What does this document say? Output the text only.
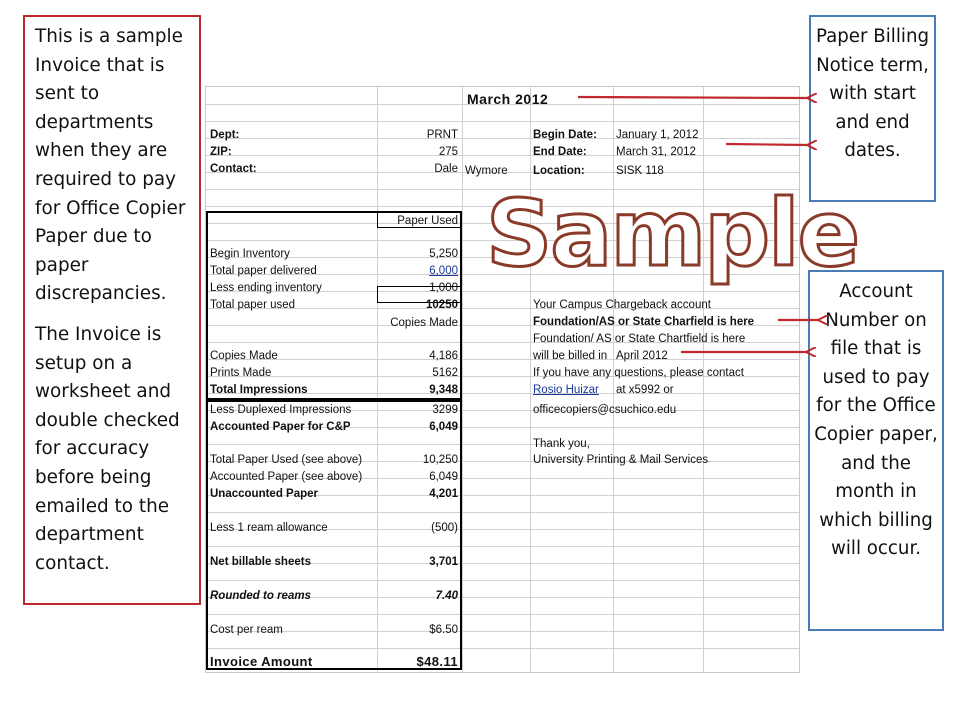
This is a sample Invoice that is sent to departments when they are required to pay for Office Copier Paper due to paper discrepancies.

The Invoice is setup on a worksheet and double checked for accuracy before being emailed to the department contact.

Paper Billing Notice term, with start and end dates.
Account Number on file that is used to pay for the Office Copier paper, and the month in which billing will occur.
March 2012
Dept:	PRNT
ZIP:	275
Contact:	Dale Wymore
Begin Date: January 1, 2012
End Date:	March 31, 2012
Location:	SISK 118
Paper Used
Begin Inventory	5,250
Total paper delivered	6,000
Less ending inventory	1,000
Total paper used	10250
Copies Made
Copies Made	4,186
Prints Made	5162
Total Impressions	9,348
Less Duplexed Impressions	3299
Accounted Paper for C&P	6,049
Total Paper Used (see above)	10,250
Accounted Paper (see above)	6,049
Unaccounted Paper	4,201
Less 1 ream allowance	(500)
Net billable sheets	3,701
Rounded to reams	7.40
Cost per ream	$6.50
Invoice Amount	$48.11
Your Campus Chargeback account
Foundation/AS or State Charfield is here
Foundation/ AS or State Chartfield is here
will be billed in April 2012
If you have any questions, please contact
Rosio Huizar at x5992 or
officecopiers@csuchico.edu
Thank you,
University Printing & Mail Services
Sample
